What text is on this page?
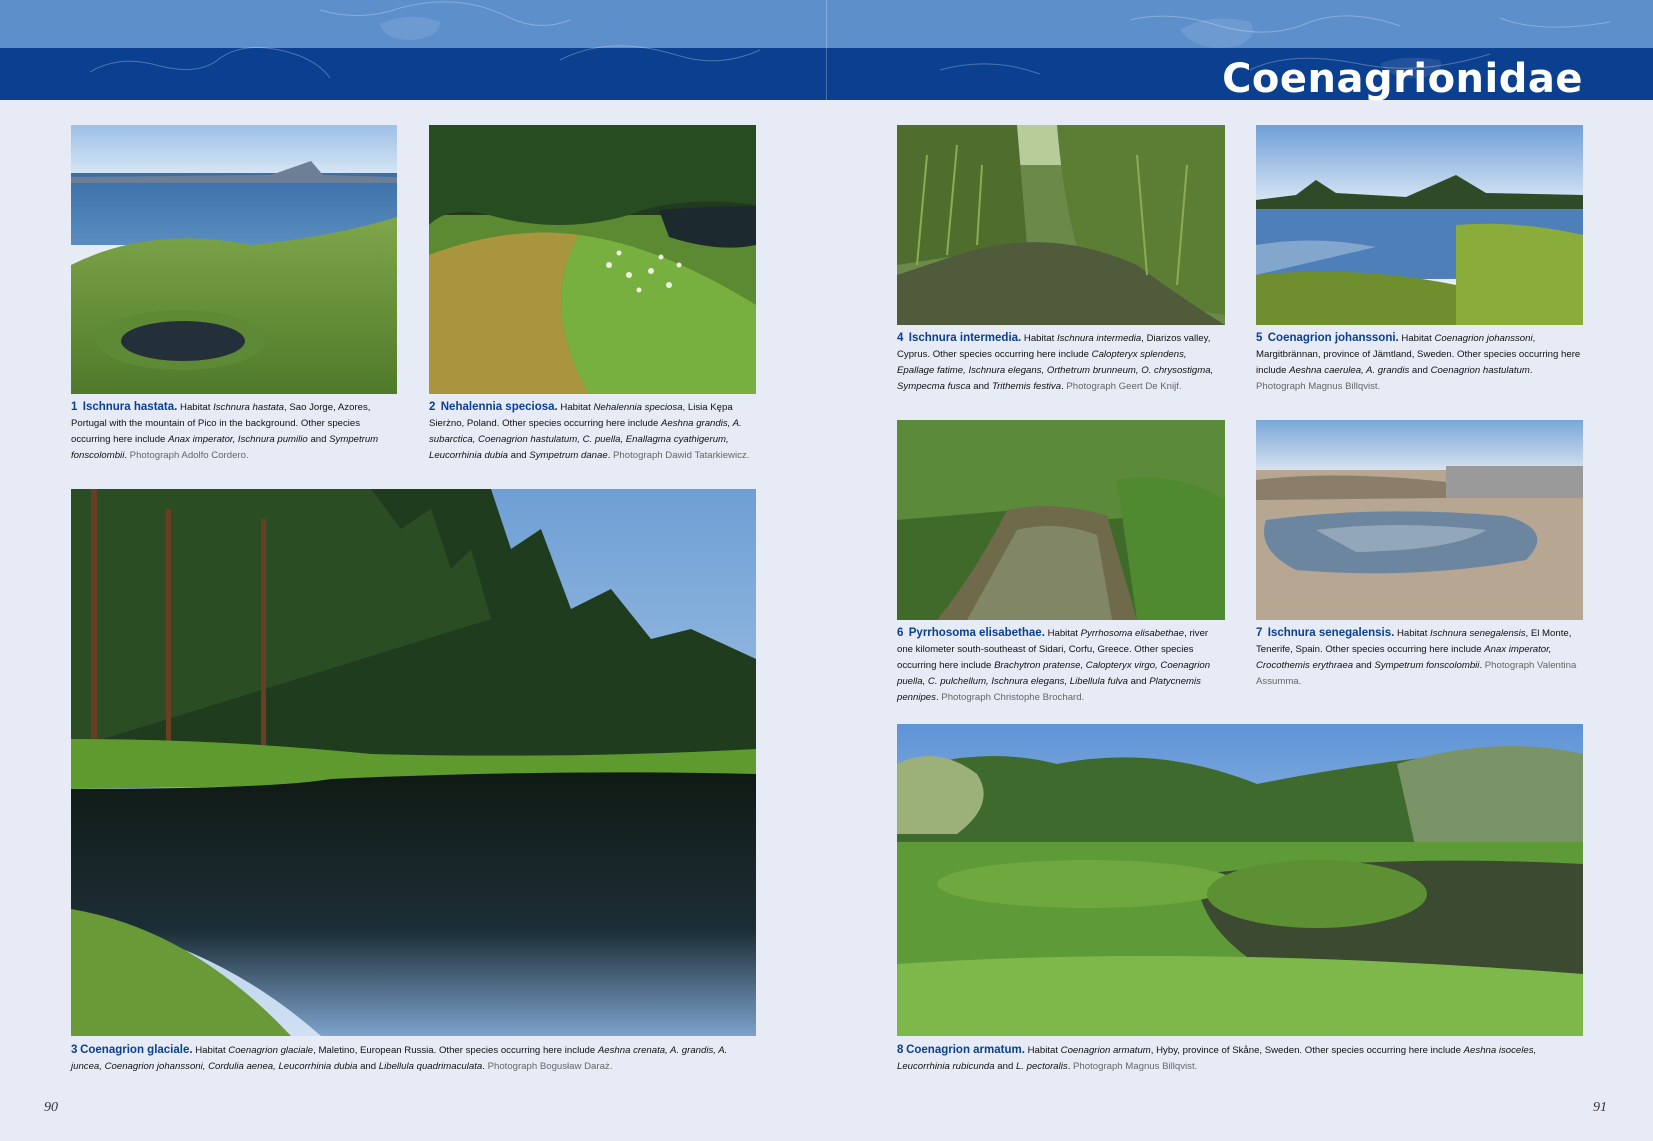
Coenagrionidae
1 Ischnura hastata. Habitat Ischnura hastata, Sao Jorge, Azores, Portugal with the mountain of Pico in the background. Other species occurring here include Anax imperator, Ischnura pumilio and Sympetrum fonscolombii. Photograph Adolfo Cordero.
2 Nehalennia speciosa. Habitat Nehalennia speciosa, Lisia Kępa Sierżno, Poland. Other species occurring here include Aeshna grandis, A. subarctica, Coenagrion hastulatum, C. puella, Enallagma cyathigerum, Leucorrhinia dubia and Sympetrum danae. Photograph Dawid Tatarkiewicz.
3 Coenagrion glaciale. Habitat Coenagrion glaciale, Maletino, European Russia. Other species occurring here include Aeshna crenata, A. grandis, A. juncea, Coenagrion johanssoni, Cordulia aenea, Leucorrhinia dubia and Libellula quadrimaculata. Photograph Bogusław Daraż.
4 Ischnura intermedia. Habitat Ischnura intermedia, Diarizos valley, Cyprus. Other species occurring here include Calopteryx splendens, Epallage fatime, Ischnura elegans, Orthetrum brunneum, O. chrysostigma, Sympecma fusca and Trithemis festiva. Photograph Geert De Knijf.
5 Coenagrion johanssoni. Habitat Coenagrion johanssoni, Margitbrännan, province of Jämtland, Sweden. Other species occurring here include Aeshna caerulea, A. grandis and Coenagrion hastulatum. Photograph Magnus Billqvist.
6 Pyrrhosoma elisabethae. Habitat Pyrrhosoma elisabethae, river one kilometer south-southeast of Sidari, Corfu, Greece. Other species occurring here include Brachytron pratense, Calopteryx virgo, Coenagrion puella, C. pulchellum, Ischnura elegans, Libellula fulva and Platycnemis pennipes. Photograph Christophe Brochard.
7 Ischnura senegalensis. Habitat Ischnura senegalensis, El Monte, Tenerife, Spain. Other species occurring here include Anax imperator, Crocothemis erythraea and Sympetrum fonscolombii. Photograph Valentina Assumma.
8 Coenagrion armatum. Habitat Coenagrion armatum, Hyby, province of Skåne, Sweden. Other species occurring here include Aeshna isoceles, Leucorrhinia rubicunda and L. pectoralis. Photograph Magnus Billqvist.
90	91
